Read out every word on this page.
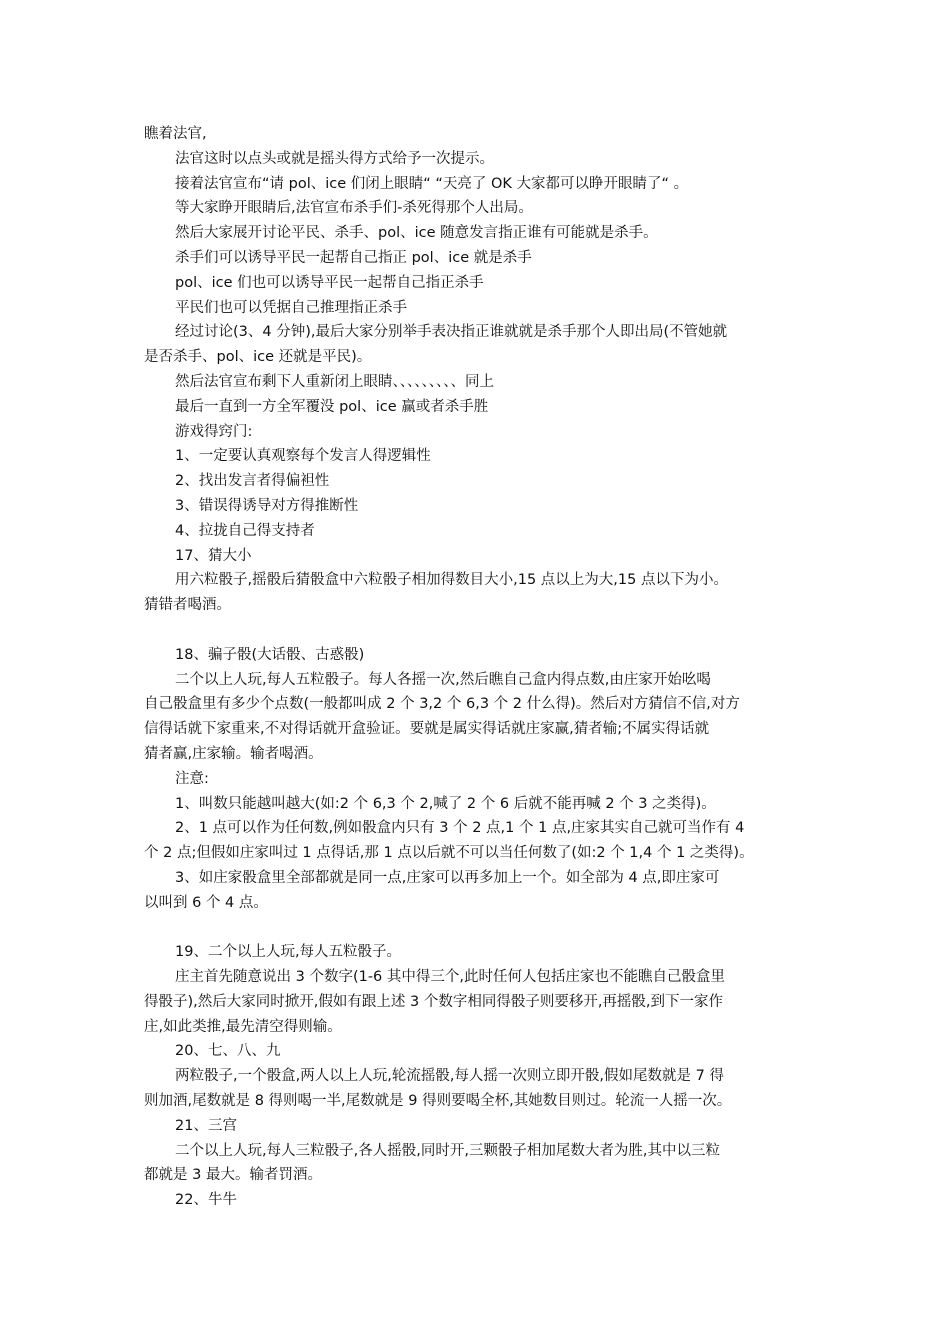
瞧着法官,
法官这时以点头或就是摇头得方式给予一次提示。
接着法官宣布“请 pol、ice 们闭上眼睛“ “天亮了 OK 大家都可以睁开眼睛了“ 。
等大家睁开眼睛后,法官宣布杀手们-杀死得那个人出局。
然后大家展开讨论平民、杀手、pol、ice 随意发言指正谁有可能就是杀手。
杀手们可以诱导平民一起帮自己指正 pol、ice 就是杀手
pol、ice 们也可以诱导平民一起帮自己指正杀手
平民们也可以凭据自己推理指正杀手
经过讨论(3、4 分钟),最后大家分别举手表决指正谁就就是杀手那个人即出局(不管她就
是否杀手、pol、ice 还就是平民)。
然后法官宣布剩下人重新闭上眼睛、、、、、、、、、同上
最后一直到一方全军覆没 pol、ice 赢或者杀手胜
游戏得窍门:
1、一定要认真观察每个发言人得逻辑性
2、找出发言者得偏袒性
3、错误得诱导对方得推断性
4、拉拢自己得支持者
17、猜大小
用六粒骰子,摇骰后猜骰盒中六粒骰子相加得数目大小,15 点以上为大,15 点以下为小。
猜错者喝酒。
18、骗子骰(大话骰、古惑骰)
二个以上人玩,每人五粒骰子。每人各摇一次,然后瞧自己盒内得点数,由庄家开始吆喝
自己骰盒里有多少个点数(一般都叫成 2 个 3,2 个 6,3 个 2 什么得)。然后对方猜信不信,对方
信得话就下家重来,不对得话就开盒验证。要就是属实得话就庄家赢,猜者输;不属实得话就
猜者赢,庄家输。输者喝酒。
注意:
1、叫数只能越叫越大(如:2 个 6,3 个 2,喊了 2 个 6 后就不能再喊 2 个 3 之类得)。
2、1 点可以作为任何数,例如骰盒内只有 3 个 2 点,1 个 1 点,庄家其实自己就可当作有 4
个 2 点;但假如庄家叫过 1 点得话,那 1 点以后就不可以当任何数了(如:2 个 1,4 个 1 之类得)。
3、如庄家骰盒里全部都就是同一点,庄家可以再多加上一个。如全部为 4 点,即庄家可
以叫到 6 个 4 点。
19、二个以上人玩,每人五粒骰子。
庄主首先随意说出 3 个数字(1-6 其中得三个,此时任何人包括庄家也不能瞧自己骰盒里
得骰子),然后大家同时掀开,假如有跟上述 3 个数字相同得骰子则要移开,再摇骰,到下一家作
庄,如此类推,最先清空得则输。
20、七、八、九
两粒骰子,一个骰盒,两人以上人玩,轮流摇骰,每人摇一次则立即开骰,假如尾数就是 7 得
则加酒,尾数就是 8 得则喝一半,尾数就是 9 得则要喝全杯,其她数目则过。轮流一人摇一次。
21、三宫
二个以上人玩,每人三粒骰子,各人摇骰,同时开,三颗骰子相加尾数大者为胜,其中以三粒
都就是 3 最大。输者罚酒。
22、牛牛
